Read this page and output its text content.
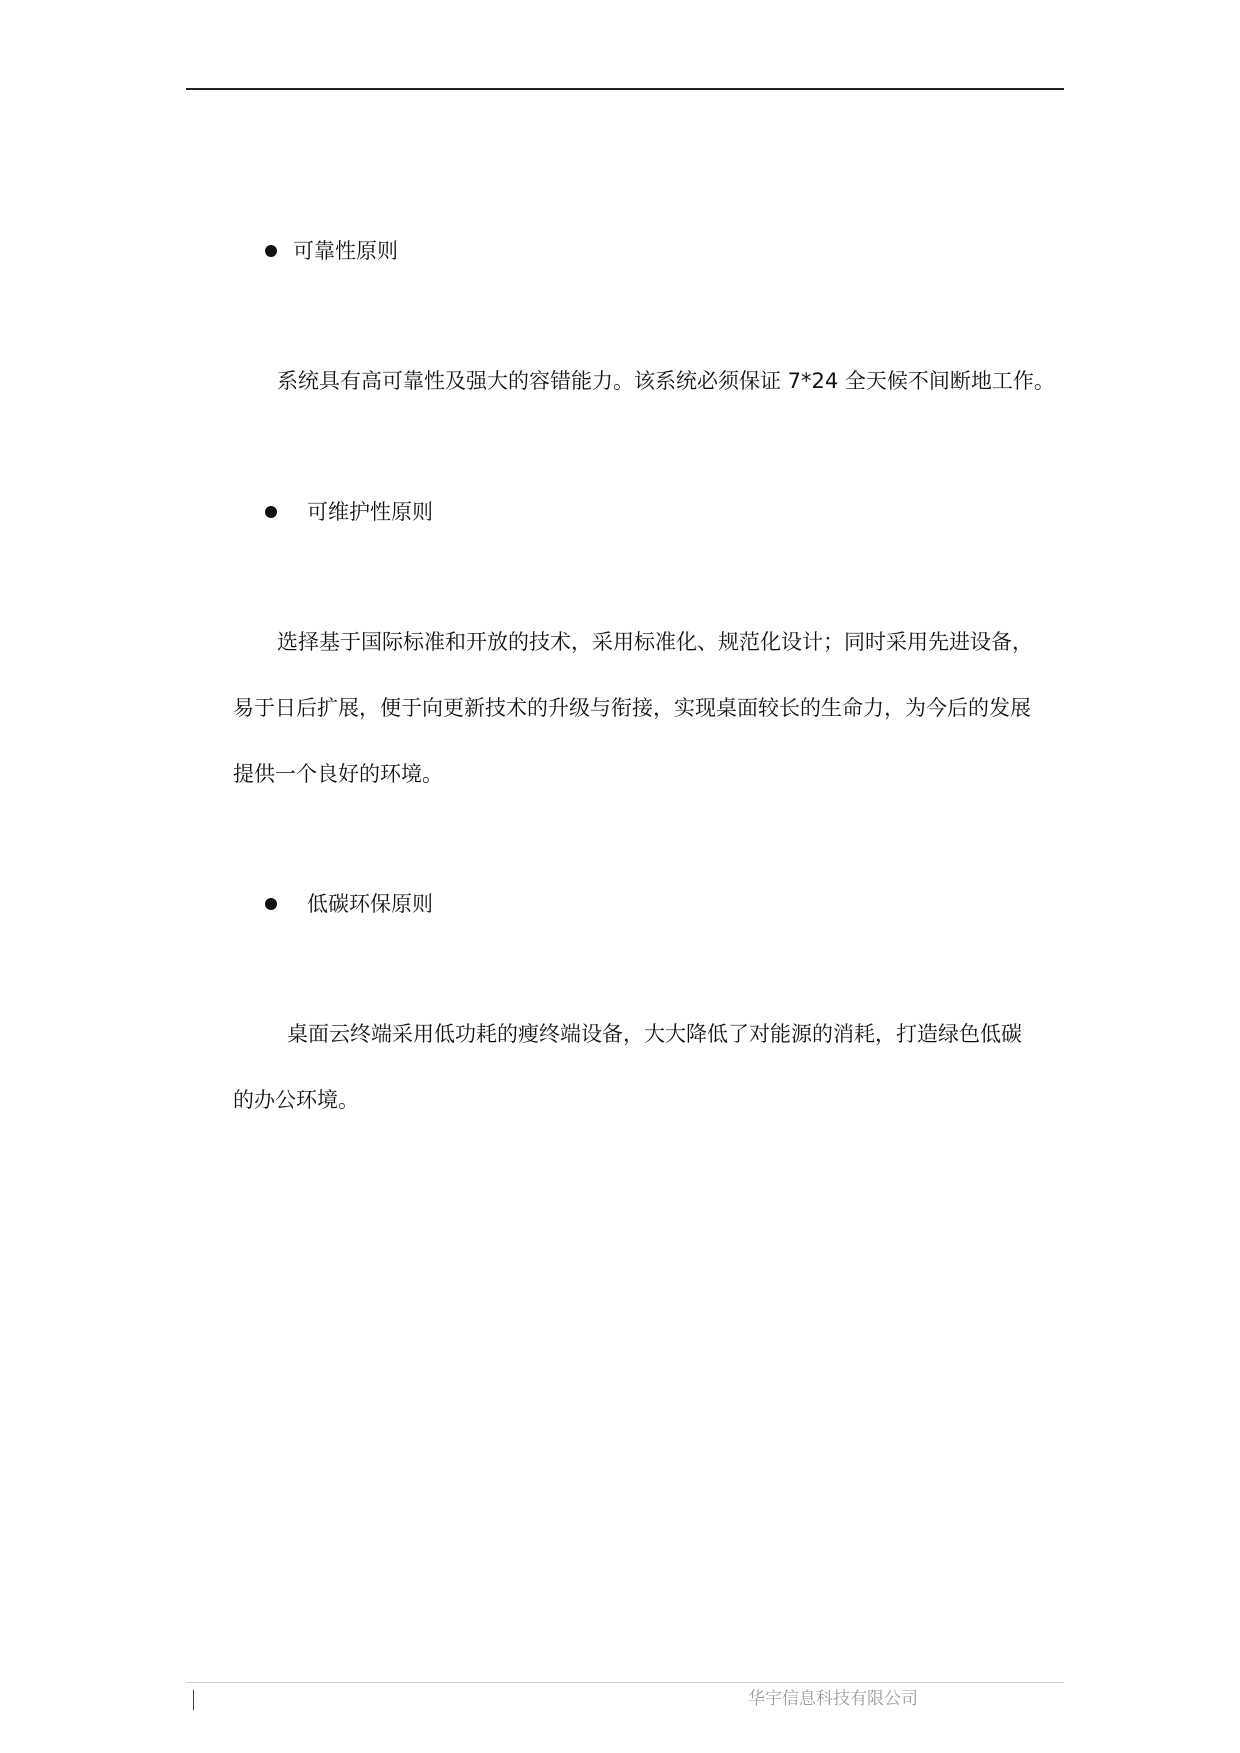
可靠性原则
系统具有高可靠性及强大的容错能力。该系统必须保证 7*24 全天候不间断地工作。
可维护性原则
选择基于国际标准和开放的技术，采用标准化、规范化设计；同时采用先进设备，
易于日后扩展，便于向更新技术的升级与衔接，实现桌面较长的生命力，为今后的发展
提供一个良好的环境。
低碳环保原则
桌面云终端采用低功耗的瘦终端设备，大大降低了对能源的消耗，打造绿色低碳
的办公环境。
华宇信息科技有限公司
